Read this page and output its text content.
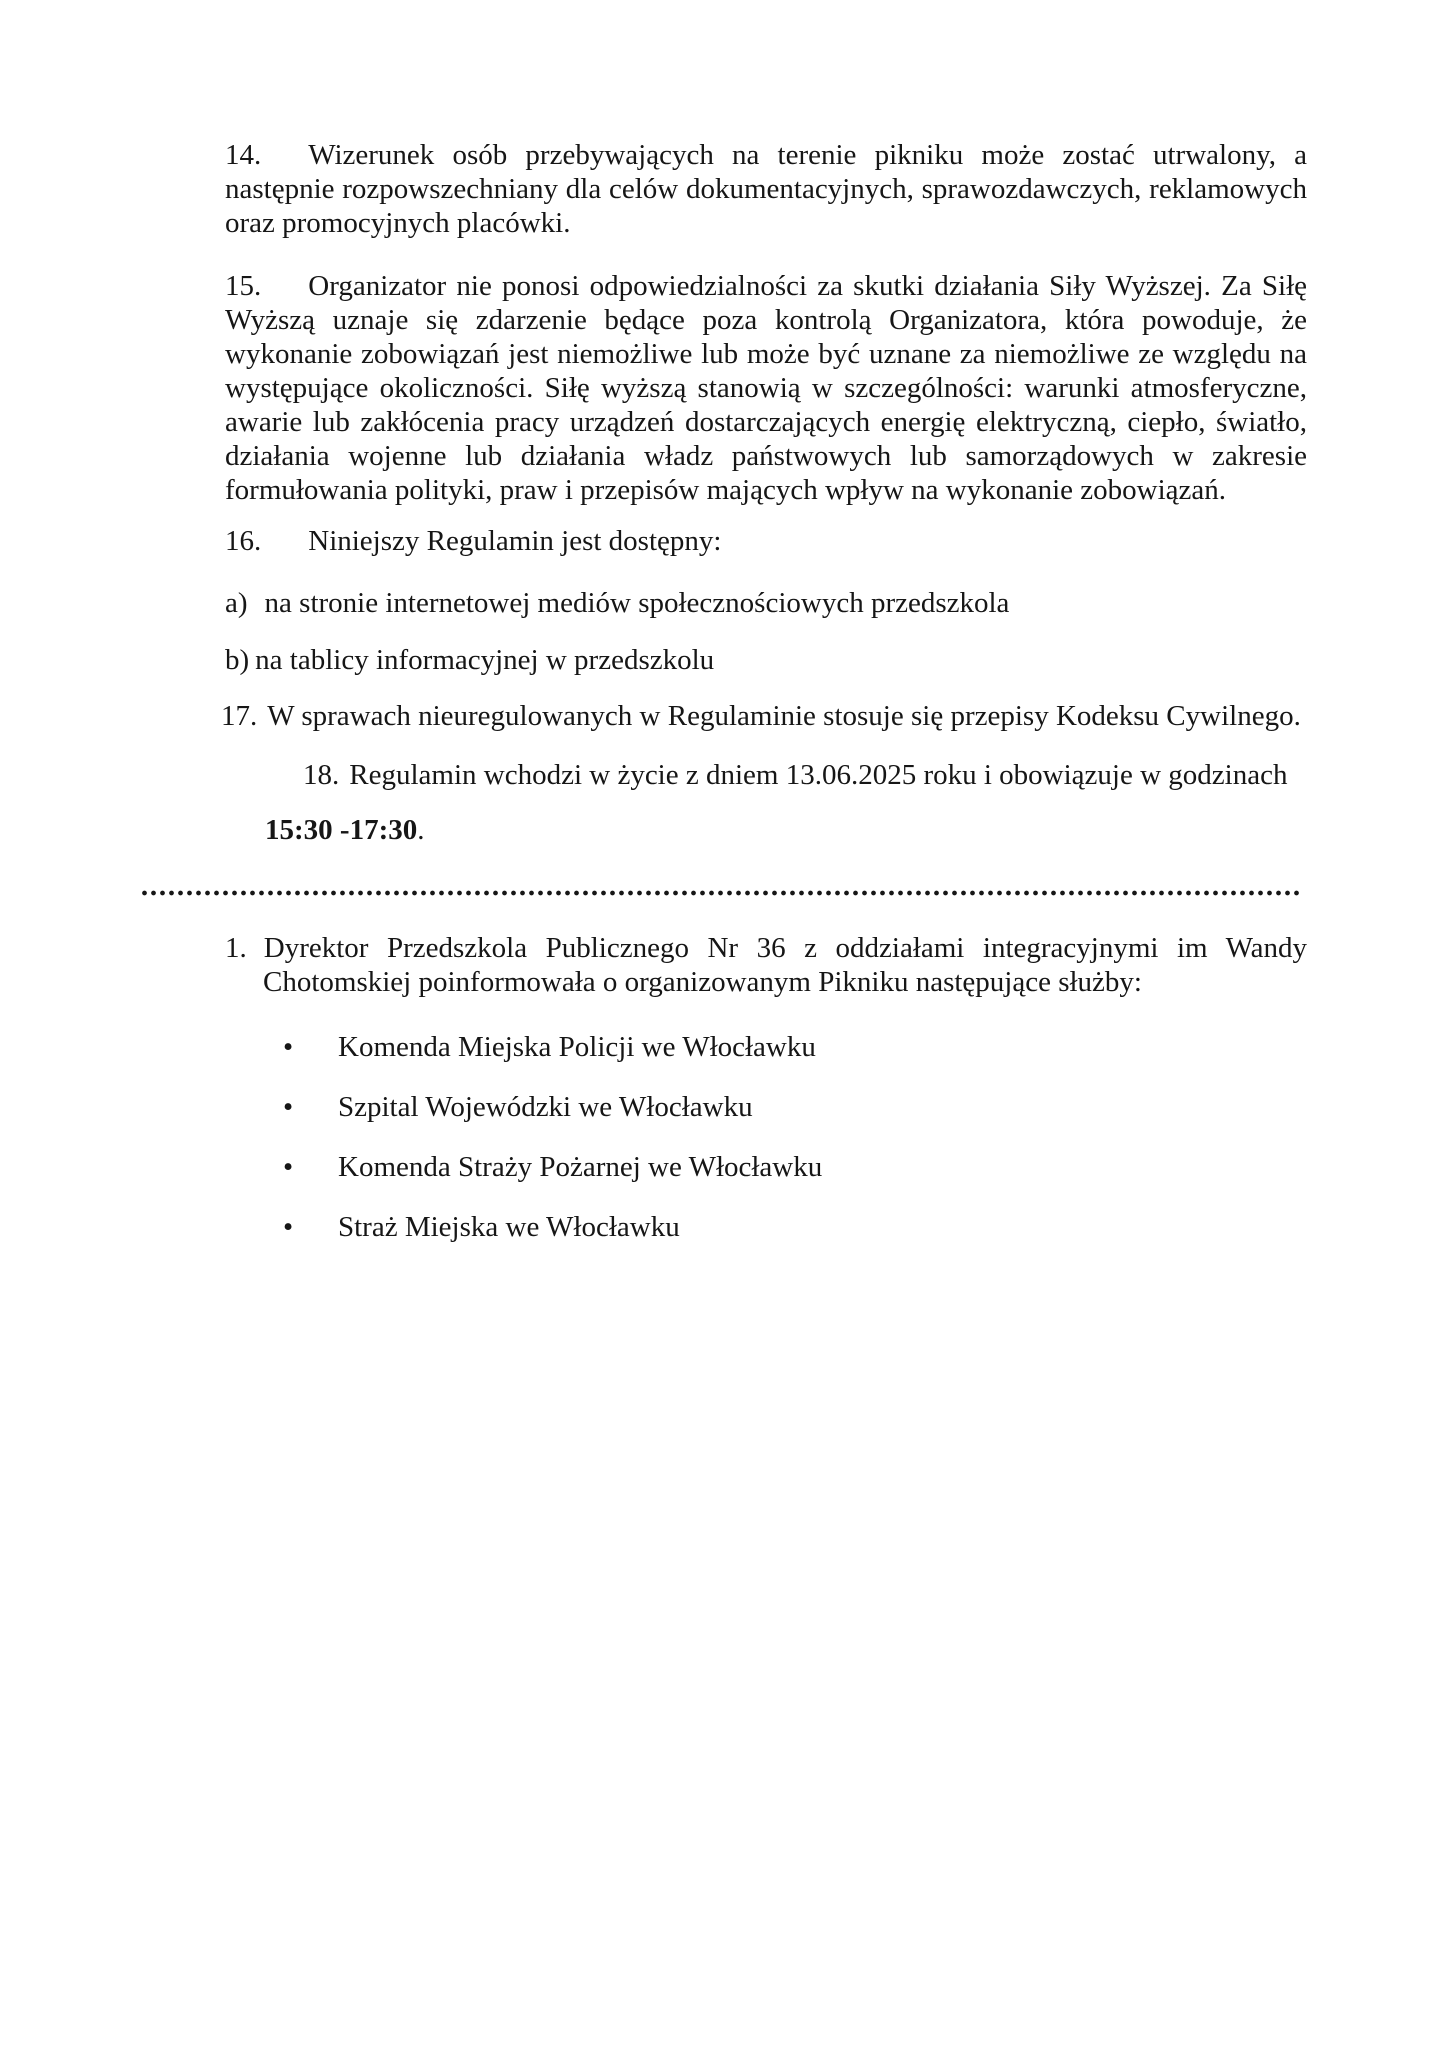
14. Wizerunek osób przebywających na terenie pikniku może zostać utrwalony, a
następnie rozpowszechniany dla celów dokumentacyjnych, sprawozdawczych, reklamowych
oraz promocyjnych placówki.
15. Organizator nie ponosi odpowiedzialności za skutki działania Siły Wyższej. Za Siłę
Wyższą uznaje się zdarzenie będące poza kontrolą Organizatora, która powoduje, że
wykonanie zobowiązań jest niemożliwe lub może być uznane za niemożliwe ze względu na
występujące okoliczności. Siłę wyższą stanowią w szczególności: warunki atmosferyczne,
awarie lub zakłócenia pracy urządzeń dostarczających energię elektryczną, ciepło, światło,
działania wojenne lub działania władz państwowych lub samorządowych w zakresie
formułowania polityki, praw i przepisów mających wpływ na wykonanie zobowiązań.
16. Niniejszy Regulamin jest dostępny:
a) na stronie internetowej mediów społecznościowych przedszkola
b) na tablicy informacyjnej w przedszkolu
17. W sprawach nieuregulowanych w Regulaminie stosuje się przepisy Kodeksu Cywilnego.
18. Regulamin wchodzi w życie z dniem 13.06.2025 roku i obowiązuje w godzinach
15:30 -17:30.
1. Dyrektor Przedszkola Publicznego Nr 36 z oddziałami integracyjnymi im Wandy
Chotomskiej poinformowała o organizowanym Pikniku następujące służby:
• Komenda Miejska Policji we Włocławku
• Szpital Wojewódzki we Włocławku
• Komenda Straży Pożarnej we Włocławku
• Straż Miejska we Włocławku
